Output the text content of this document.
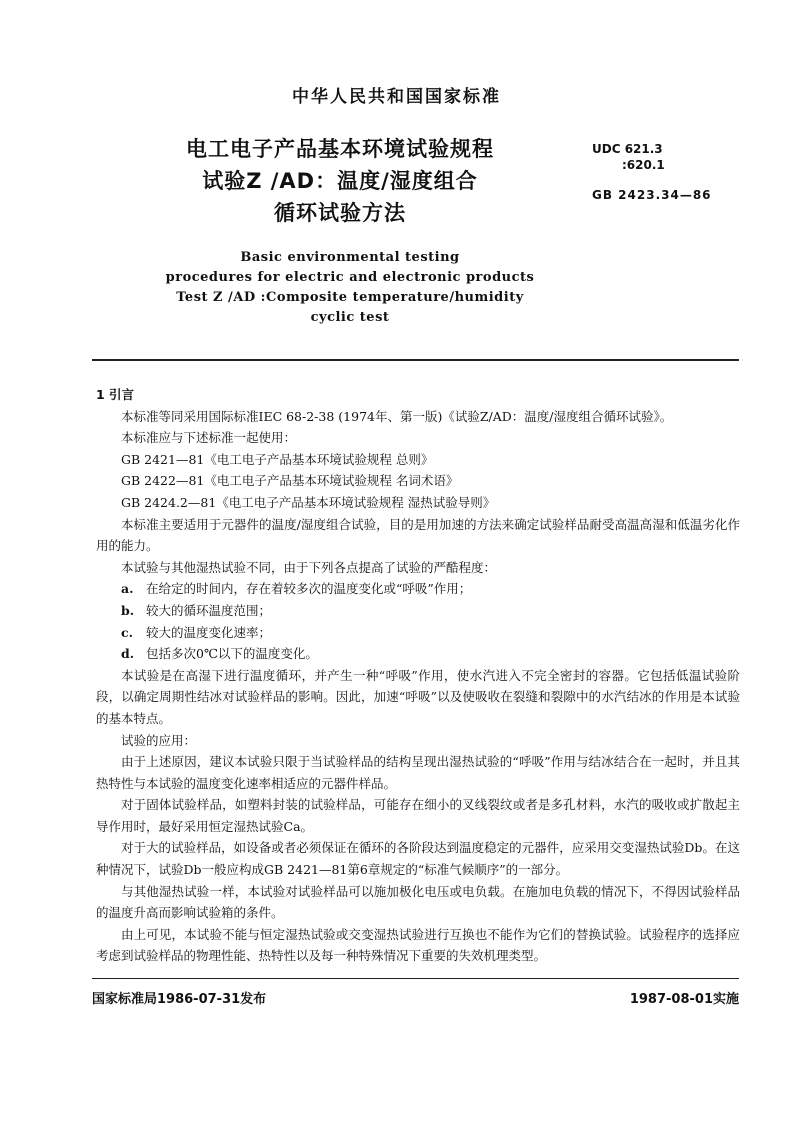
中华人民共和国国家标准
电工电子产品基本环境试验规程
试验Z /AD：温度/湿度组合
循环试验方法
UDC 621.3
:620.1
GB 2423.34—86
Basic environmental testing
procedures for electric and electronic products
Test Z /AD :Composite temperature/humidity
cyclic test

1 引言

本标准等同采用国际标准IEC 68-2-38 (1974年、第一版)《试验Z/AD：温度/湿度组合循环试验》。

本标准应与下述标准一起使用：

GB 2421—81《电工电子产品基本环境试验规程 总则》

GB 2422—81《电工电子产品基本环境试验规程 名词术语》

GB 2424.2—81《电工电子产品基本环境试验规程 湿热试验导则》

本标准主要适用于元器件的温度/湿度组合试验，目的是用加速的方法来确定试验样品耐受高温高湿和低温劣化作用的能力。

本试验与其他湿热试验不同，由于下列各点提高了试验的严酷程度：

a. 在给定的时间内，存在着较多次的温度变化或“呼吸”作用；

b. 较大的循环温度范围；

c. 较大的温度变化速率；

d. 包括多次0℃以下的温度变化。

本试验是在高湿下进行温度循环，并产生一种“呼吸”作用，使水汽进入不完全密封的容器。它包括低温试验阶段，以确定周期性结冰对试验样品的影响。因此，加速“呼吸”以及使吸收在裂缝和裂隙中的水汽结冰的作用是本试验的基本特点。

试验的应用：

由于上述原因，建议本试验只限于当试验样品的结构呈现出湿热试验的“呼吸”作用与结冰结合在一起时，并且其热特性与本试验的温度变化速率相适应的元器件样品。

对于固体试验样品，如塑料封装的试验样品，可能存在细小的叉线裂纹或者是多孔材料，水汽的吸收或扩散起主导作用时，最好采用恒定湿热试验Ca。

对于大的试验样品，如设备或者必须保证在循环的各阶段达到温度稳定的元器件，应采用交变湿热试验Db。在这种情况下，试验Db一般应构成GB 2421—81第6章规定的“标准气候顺序”的一部分。

与其他湿热试验一样，本试验对试验样品可以施加极化电压或电负载。在施加电负载的情况下，不得因试验样品的温度升高而影响试验箱的条件。

由上可见，本试验不能与恒定湿热试验或交变湿热试验进行互换也不能作为它们的替换试验。试验程序的选择应考虑到试验样品的物理性能、热特性以及每一种特殊情况下重要的失效机理类型。

国家标准局1986-07-31发布	1987-08-01实施
